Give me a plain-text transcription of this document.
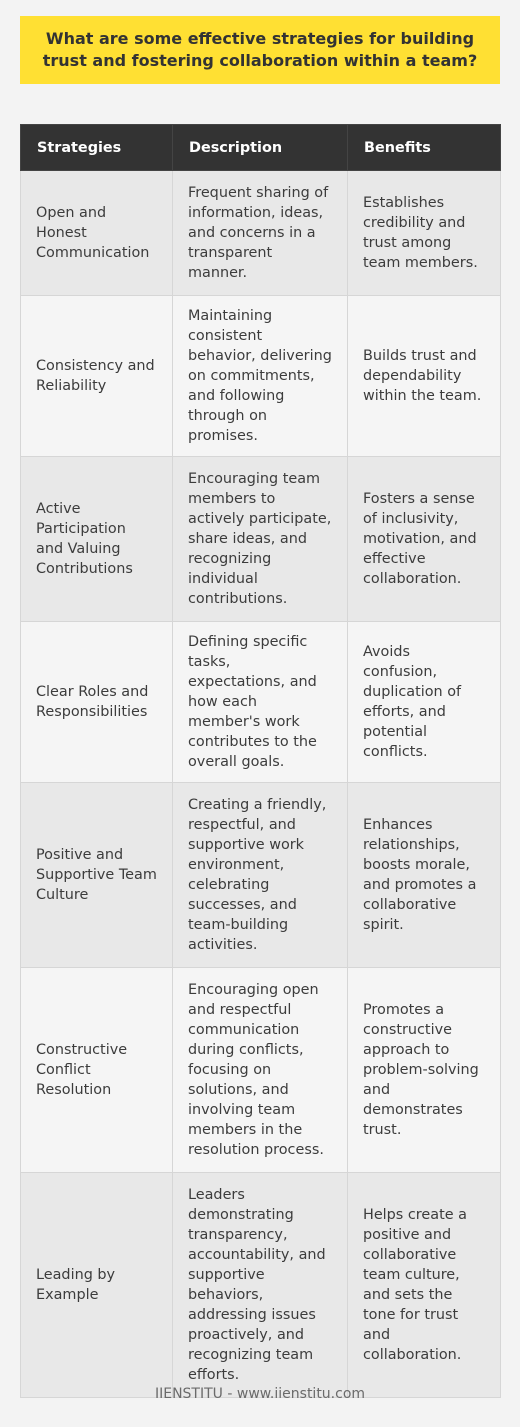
What are some effective strategies for building trust and fostering collaboration within a team?
Strategies	Description	Benefits
Open and Honest Communication	Frequent sharing of information, ideas, and concerns in a transparent manner.	Establishes credibility and trust among team members.
Consistency and Reliability	Maintaining consistent behavior, delivering on commitments, and following through on promises.	Builds trust and dependability within the team.
Active Participation and Valuing Contributions	Encouraging team members to actively participate, share ideas, and recognizing individual contributions.	Fosters a sense of inclusivity, motivation, and effective collaboration.
Clear Roles and Responsibilities	Defining specific tasks, expectations, and how each member's work contributes to the overall goals.	Avoids confusion, duplication of efforts, and potential conflicts.
Positive and Supportive Team Culture	Creating a friendly, respectful, and supportive work environment, celebrating successes, and team-building activities.	Enhances relationships, boosts morale, and promotes a collaborative spirit.
Constructive Conflict Resolution	Encouraging open and respectful communication during conflicts, focusing on solutions, and involving team members in the resolution process.	Promotes a constructive approach to problem-solving and demonstrates trust.
Leading by Example	Leaders demonstrating transparency, accountability, and supportive behaviors, addressing issues proactively, and recognizing team efforts.	Helps create a positive and collaborative team culture, and sets the tone for trust and collaboration.
IIENSTITU - www.iienstitu.com
